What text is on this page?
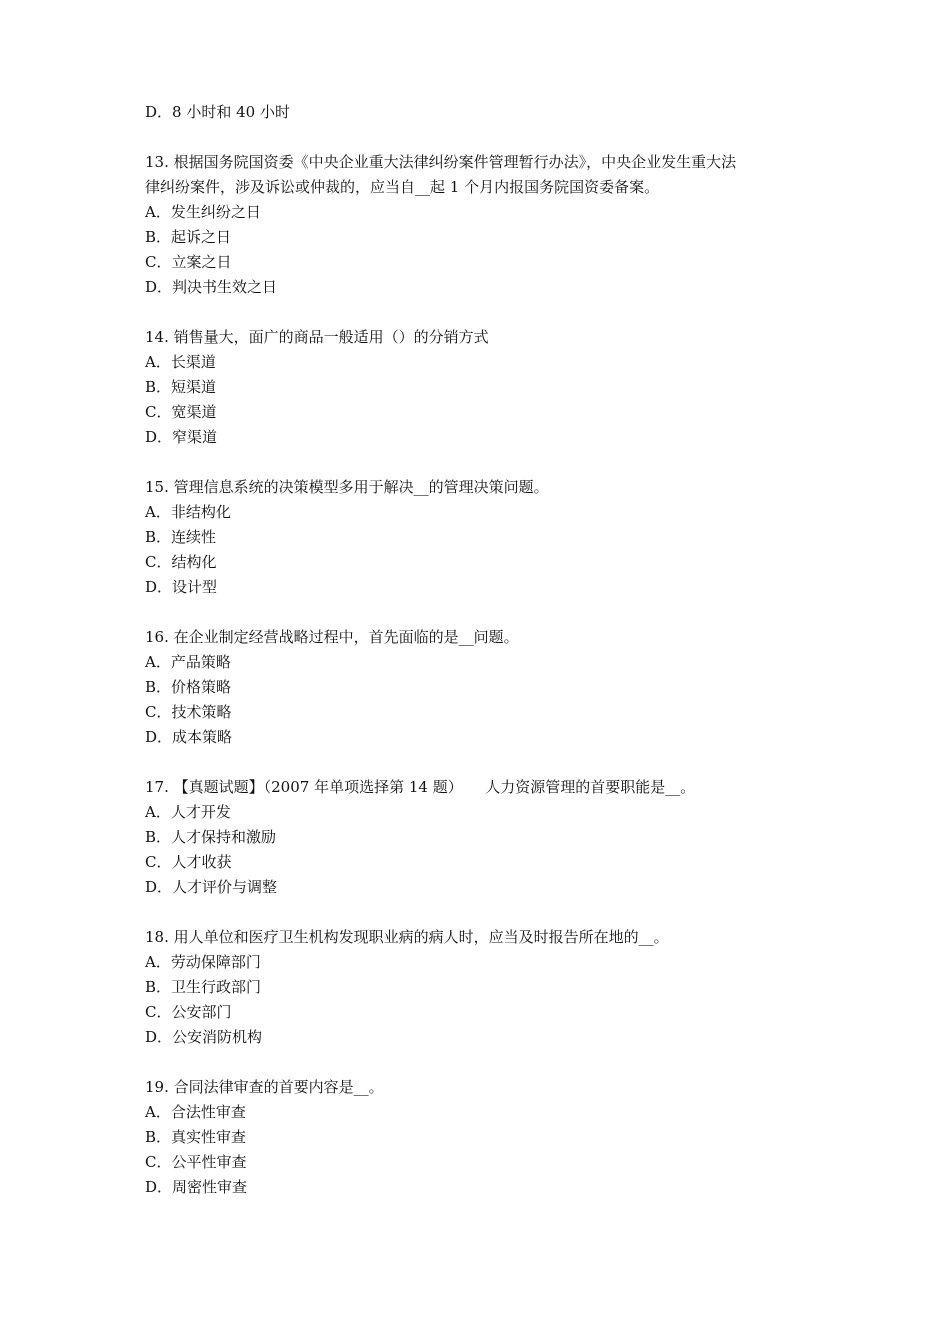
D．8 小时和 40 小时
13. 根据国务院国资委《中央企业重大法律纠纷案件管理暂行办法》，中央企业发生重大法
律纠纷案件，涉及诉讼或仲裁的，应当自__起 1 个月内报国务院国资委备案。
A．发生纠纷之日
B．起诉之日
C．立案之日
D．判决书生效之日
14. 销售量大，面广的商品一般适用（）的分销方式
A．长渠道
B．短渠道
C．宽渠道
D．窄渠道
15. 管理信息系统的决策模型多用于解决__的管理决策问题。
A．非结构化
B．连续性
C．结构化
D．设计型
16. 在企业制定经营战略过程中，首先面临的是__问题。
A．产品策略
B．价格策略
C．技术策略
D．成本策略
17. 【真题试题】（2007 年单项选择第 14 题）　　人力资源管理的首要职能是__。
A．人才开发
B．人才保持和激励
C．人才收获
D．人才评价与调整
18. 用人单位和医疗卫生机构发现职业病的病人时，应当及时报告所在地的__。
A．劳动保障部门
B．卫生行政部门
C．公安部门
D．公安消防机构
19. 合同法律审查的首要内容是__。
A．合法性审查
B．真实性审查
C．公平性审查
D．周密性审查
